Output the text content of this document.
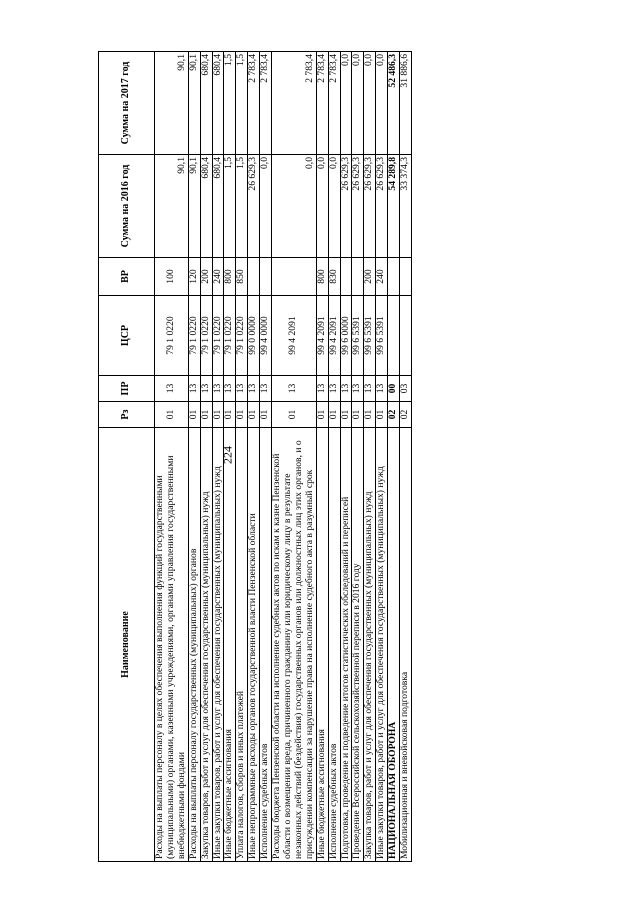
224
Наименование	Рз	ПР	ЦСР	ВР	Сумма на 2016 год	Сумма на 2017 год
Расходы на выплаты персоналу в целях обеспечения выполнения функций государственными (муниципальными) органами, казенными учреждениями, органами управления государственными внебюджетными фондами	01	13	79 1 0220	100	90,1	90,1
Расходы на выплаты персоналу государственных (муниципальных) органов	01	13	79 1 0220	120	90,1	90,1
Закупка товаров, работ и услуг для обеспечения государственных (муниципальных) нужд	01	13	79 1 0220	200	680,4	680,4
Иные закупки товаров, работ и услуг для обеспечения государственных (муниципальных) нужд	01	13	79 1 0220	240	680,4	680,4
Иные бюджетные ассигнования	01	13	79 1 0220	800	1,5	1,5
Уплата налогов, сборов и иных платежей	01	13	79 1 0220	850	1,5	1,5
Иные непрограммные расходы органов государственной власти Пензенской области	01	13	99 0 0000		26 629,3	2 783,4
Исполнение судебных актов	01	13	99 4 0000		0,0	2 783,4
Расходы бюджета Пензенской области на исполнение судебных актов по искам к казне Пензенской области о возмещении вреда, причиненного гражданину или юридическому лицу в результате незаконных действий (бездействия) государственных органов или должностных лиц этих органов, и о присуждении компенсации за нарушение права на исполнение судебного акта в разумный срок	01	13	99 4 2091		0,0	2 783,4
Иные бюджетные ассигнования	01	13	99 4 2091	800	0,0	2 783,4
Исполнение судебных актов	01	13	99 4 2091	830	0,0	2 783,4
Подготовка, проведение и подведение итогов статистических обследований и переписей	01	13	99 6 0000		26 629,3	0,0
Проведение Всероссийской сельскохозяйственной переписи в 2016 году	01	13	99 6 5391		26 629,3	0,0
Закупка товаров, работ и услуг для обеспечения государственных (муниципальных) нужд	01	13	99 6 5391	200	26 629,3	0,0
Иные закупки товаров, работ и услуг для обеспечения государственных (муниципальных) нужд	01	13	99 6 5391	240	26 629,3	0,0
НАЦИОНАЛЬНАЯ ОБОРОНА	02	00			54 289,8	52 486,3
Мобилизационная и вневойсковая подготовка	02	03			33 374,3	31 886,6
